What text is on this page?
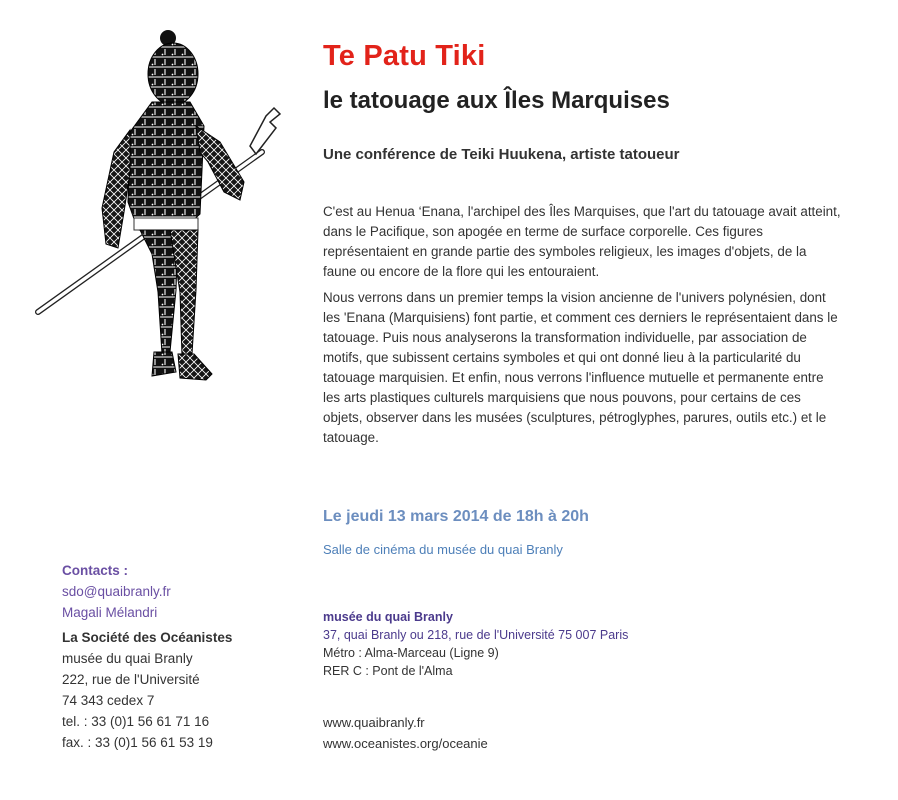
Te Patu Tiki
le tatouage aux Îles Marquises
Une conférence de Teiki Huukena, artiste tatoueur

C'est au Henua ‘Enana, l'archipel des Îles Marquises, que l'art du tatouage avait atteint, dans le Pacifique, son apogée en terme de surface corporelle. Ces figures représentaient en grande partie des symboles religieux, les images d'objets, de la faune ou encore de la flore qui les entouraient.

Nous verrons dans un premier temps la vision ancienne de l'univers polynésien, dont les 'Enana (Marquisiens) font partie, et comment ces derniers le représentaient dans le tatouage. Puis nous analyserons la transformation individuelle, par association de motifs, que subissent certains symboles et qui ont donné lieu à la particularité du tatouage marquisien. Et enfin, nous verrons l'influence mutuelle et permanente entre les arts plastiques culturels marquisiens que nous pouvons, pour certains de ces objets, observer dans les musées (sculptures, pétroglyphes, parures, outils etc.) et le tatouage.

Le jeudi 13 mars 2014 de 18h à 20h
Salle de cinéma du musée du quai Branly
musée du quai Branly
37, quai Branly ou 218, rue de l'Université 75 007 Paris
Métro : Alma-Marceau (Ligne 9)
RER C : Pont de l'Alma
www.quaibranly.fr
www.oceanistes.org/oceanie
Contacts :
sdo@quaibranly.fr
Magali Mélandri
La Société des Océanistes
musée du quai Branly
222, rue de l'Université
74 343 cedex 7
tel. : 33 (0)1 56 61 71 16
fax. : 33 (0)1 56 61 53 19
